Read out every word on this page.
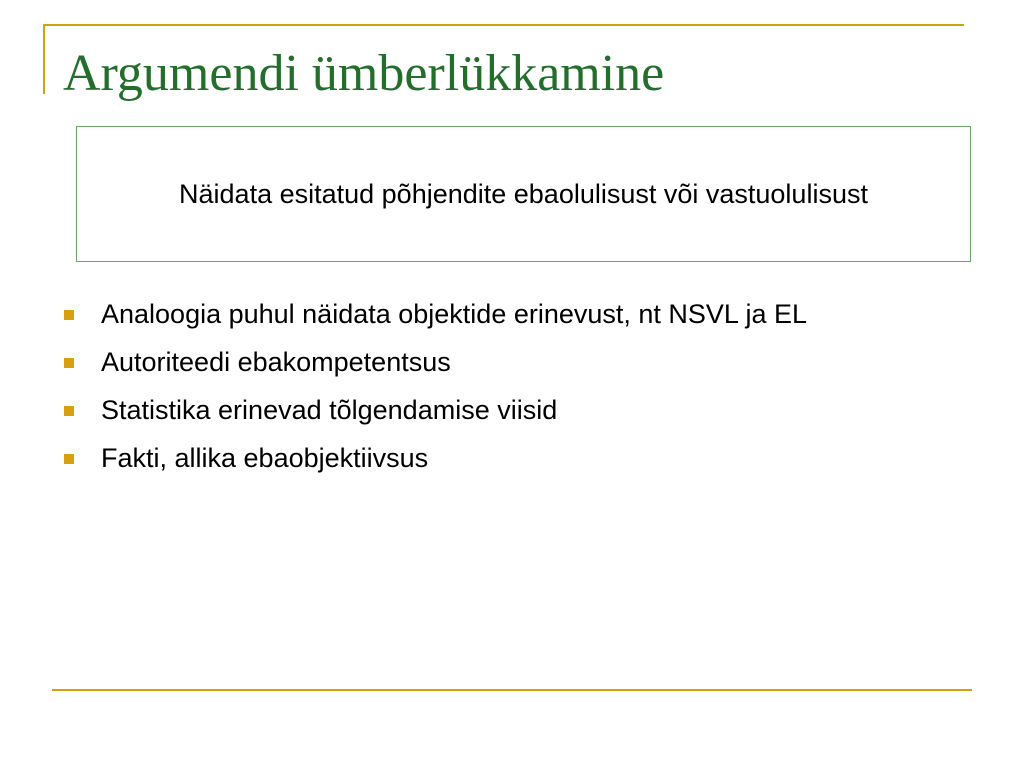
Argumendi ümberlükkamine
Näidata esitatud põhjendite ebaolulisust või vastuolulisust
Analoogia puhul näidata objektide erinevust, nt NSVL ja EL
Autoriteedi ebakompetentsus
Statistika erinevad tõlgendamise viisid
Fakti, allika ebaobjektiivsus
